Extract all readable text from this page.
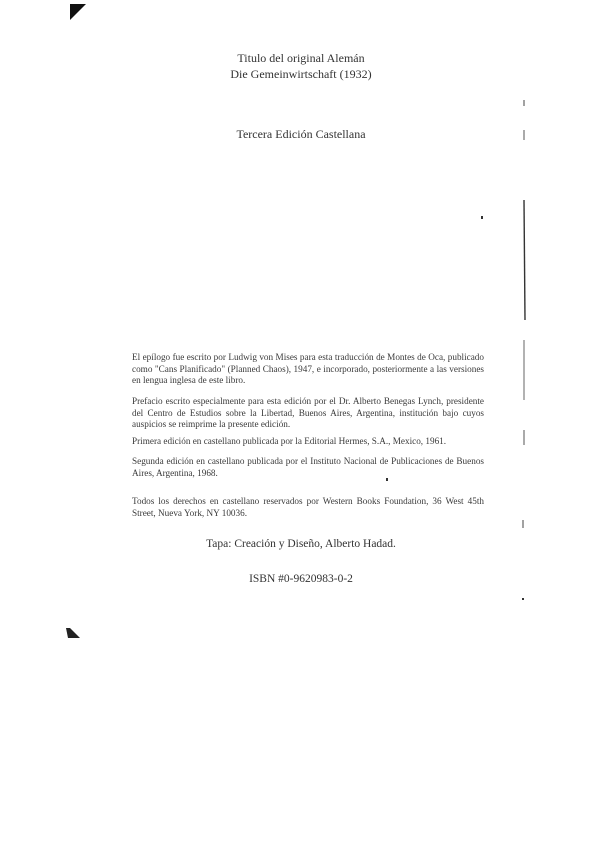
Titulo del original Alemán
Die Gemeinwirtschaft (1932)
Tercera Edición Castellana

El epílogo fue escrito por Ludwig von Mises para esta traducción de Montes de Oca, publicado como "Cans Planificado" (Planned Chaos), 1947, e incorporado, posteriormente a las versiones en lengua inglesa de este libro.

Prefacio escrito especialmente para esta edición por el Dr. Alberto Benegas Lynch, presidente del Centro de Estudios sobre la Libertad, Buenos Aires, Argentina, institución bajo cuyos auspicios se reimprime la presente edición.

Primera edición en castellano publicada por la Editorial Hermes, S.A., Mexico, 1961.

Segunda edición en castellano publicada por el Instituto Nacional de Publicaciones de Buenos Aires, Argentina, 1968.

Todos los derechos en castellano reservados por Western Books Foundation, 36 West 45th Street, Nueva York, NY 10036.

Tapa: Creación y Diseño, Alberto Hadad.
ISBN #0-9620983-0-2
